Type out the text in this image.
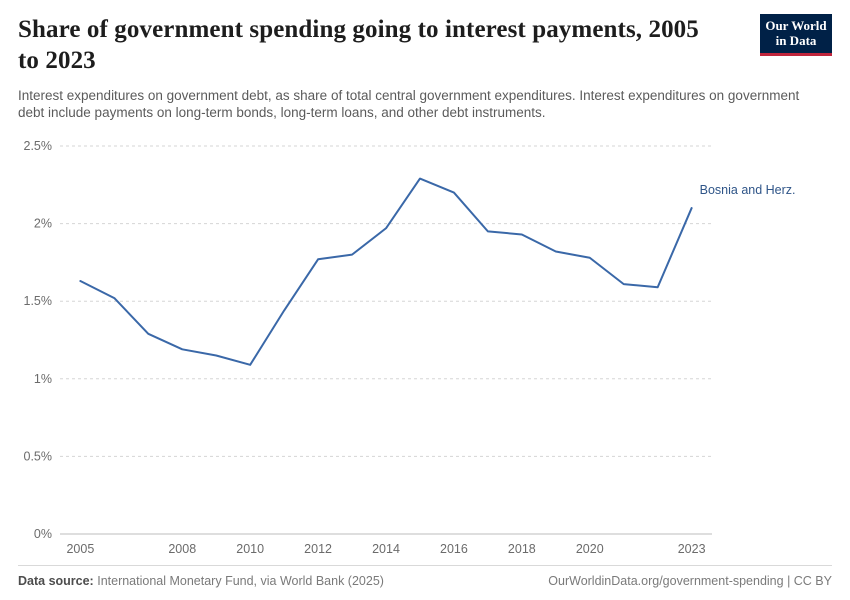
Share of government spending going to interest payments, 2005 to 2023
Interest expenditures on government debt, as share of total central government expenditures. Interest expenditures on government debt include payments on long-term bonds, long-term loans, and other debt instruments.
Our World
in Data
0%
0.5%
1%
1.5%
2%
2.5%
2005	2008	2010	2012	2014	2016	2018	2020	2023
Bosnia and Herz.
Data source: International Monetary Fund, via World Bank (2025)	OurWorldinData.org/government-spending | CC BY
